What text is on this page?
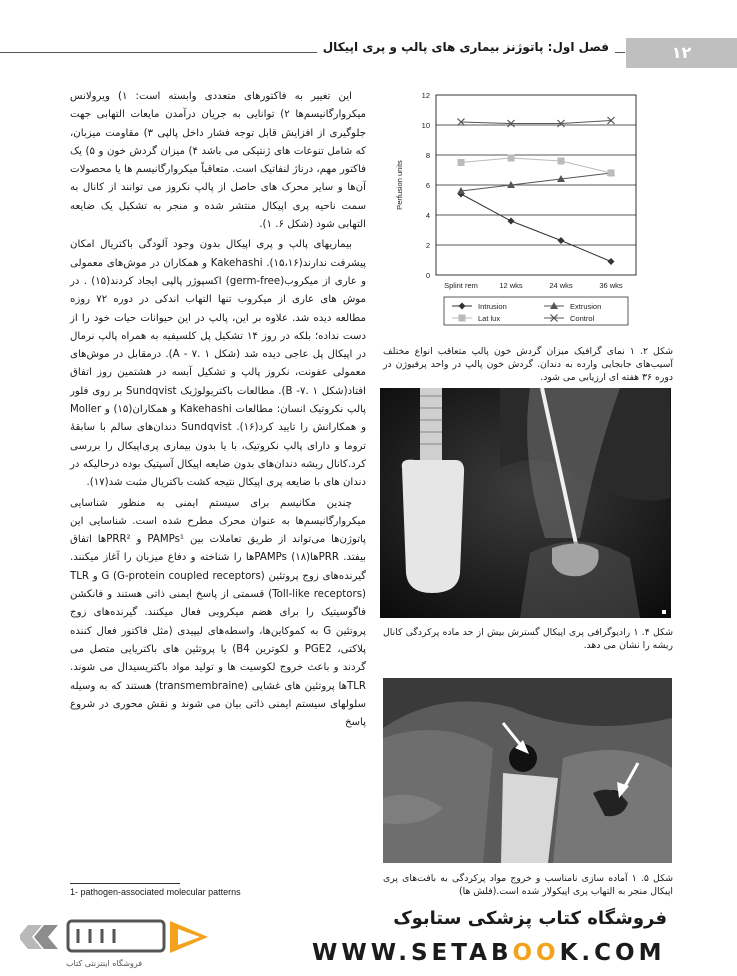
فصل اول: پاتوژنز بیماری های پالپ و پری اپیکال	۱۲

این تغییر به فاکتورهای متعددی وابسته است: ۱) ویرولانس میکروارگانیسم‌ها ۲) توانایی به جریان درآمدن مایعات التهابی جهت جلوگیری از افزایش قابل توجه فشار داخل پالپی ۳) مقاومت میزبان، که شامل تنوعات های ژنتیکی می باشد ۴) میزان گردش خون و ۵) یک فاکتور مهم، درناژ لنفاتیک است. متعاقباً میکروارگانیسم ها یا محصولات آن‌ها و سایر محرک های حاصل از پالپ نکروز می توانند از کانال به سمت ناحیه پری اپیکال منتشر شده و منجر به تشکیل یک ضایعه التهابی شود (شکل ۶. ۱).

بیماریهای پالپ و پری اپیکال بدون وجود آلودگی باکتریال امکان پیشرفت ندارند(۱۵،۱۶). Kakehashi و همکاران در موش‌های معمولی و عاری از میکروب(germ-free) اکسپوژر پالپی ایجاد کردند(۱۵) . در موش های عاری از میکروب تنها التهاب اندکی در دوره ۷۲ روزه مطالعه دیده شد. علاوه بر این، پالپ در این حیوانات حیات خود را از دست نداده؛ بلکه در روز ۱۴ تشکیل پل کلسیفیه به همراه پالپ نرمال در اپیکال پل عاجی دیده شد (شکل A - ۷. ۱). درمقابل در موش‌های معمولی عفونت، نکروز پالپ و تشکیل آبسه در هشتمین روز اتفاق افتاد(شکل B -۷. ۱). مطالعات باکتریولوژیک Sundqvist بر روی فلور پالپ نکروتیک انسان: مطالعات Kakehashi و همکاران(۱۵) و Moller و همکارانش را تایید کرد(۱۶). Sundqvist دندان‌های سالم با سابقهٔ تروما و دارای پالپ نکروتیک، با یا بدون بیماری پری‌اپیکال را بررسی کرد.کانال ریشه دندان‌های بدون ضایعه اپیکال آسپتیک بوده درحالیکه در دندان های با ضایعه پری اپیکال نتیجه کشت باکتریال مثبت شد(۱۷).

چندین مکانیسم برای سیستم ایمنی به منظور شناسایی میکروارگانیسم‌ها به عنوان محرک مطرح شده است. شناسایی این پاتوژن‌ها می‌تواند از طریق تعاملات بین PAMPs¹ و PRR²ها اتفاق بیفتد. PRRها(۱۸) PAMPsها را شناخته و دفاع میزبان را آغاز میکنند. گیرنده‌های زوج پروتئین G (G-protein coupled receptors) و TLR (Toll-like receptors) قسمتی از پاسخ ایمنی ذاتی هستند و فانکشن فاگوسیتیک را برای هضم میکروبی فعال میکنند. گیرنده‌های زوج پروتئین G به کموکاین‌ها، واسطه‌های لیپیدی (مثل فاکتور فعال کننده پلاکتی، PGE2 و لکوترین B4) یا پروتئین های باکتریایی متصل می گردند و باعث خروج لکوسیت ها و تولید مواد باکتریسیدال می شوند. TLRها پروتئین های غشایی (transmembraine) هستند که به وسیله سلولهای سیستم ایمنی ذاتی بیان می شوند و نقش محوری در شروع پاسخ

1- pathogen-associated molecular patterns
0
2
4
6
8
10
12
Splint rem	12 wks	24 wks	36 wks
Perfusion units
Intrusion	Extrusion
Lat lux	Control
شکل ۲. ۱ نمای گرافیک میزان گردش خون پالپ متعاقب انواع مختلف آسیب‌های جابجایی وارده به دندان. گردش خون پالپ در واحد پرفیوژن در دوره ۳۶ هفته ای ارزیابی می شود.
شکل ۴. ۱ رادیوگرافی پری اپیکال گسترش بیش از حد ماده پرکردگی کانال ریشه را نشان می دهد.
شکل ۵. ۱ آماده سازی نامناسب و خروج مواد پرکردگی به بافت‌های پری اپیکال منجر به التهاب پری اپیکولار شده است.(فلش ها)
فروشگاه اینترنتی کتاب
فروشگاه کتاب پزشکی ستابوک
WWW.SETABOOK.COM
